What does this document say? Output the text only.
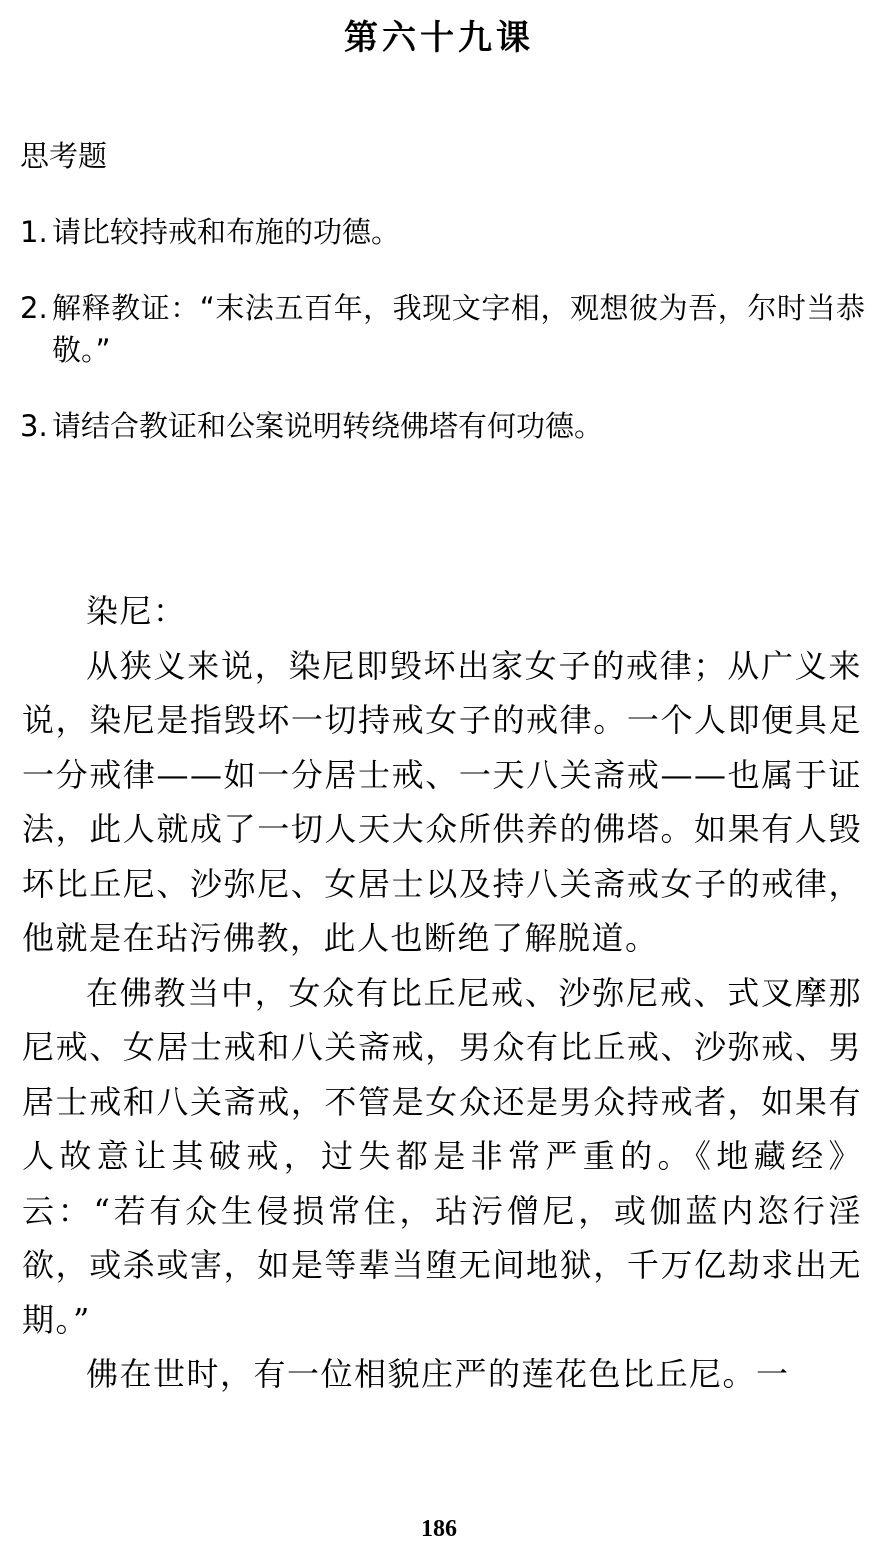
第六十九课
思考题
1. 请比较持戒和布施的功德。
2. 解释教证：“末法五百年，我现文字相，观想彼为吾，尔时当恭敬。”
3. 请结合教证和公案说明转绕佛塔有何功德。

染尼：

从狭义来说，染尼即毁坏出家女子的戒律；从广义来说，染尼是指毁坏一切持戒女子的戒律。一个人即便具足一分戒律——如一分居士戒、一天八关斋戒——也属于证法，此人就成了一切人天大众所供养的佛塔。如果有人毁坏比丘尼、沙弥尼、女居士以及持八关斋戒女子的戒律，他就是在玷污佛教，此人也断绝了解脱道。

在佛教当中，女众有比丘尼戒、沙弥尼戒、式叉摩那尼戒、女居士戒和八关斋戒，男众有比丘戒、沙弥戒、男居士戒和八关斋戒，不管是女众还是男众持戒者，如果有人故意让其破戒，过失都是非常严重的。《地藏经》云：“若有众生侵损常住，玷污僧尼，或伽蓝内恣行淫欲，或杀或害，如是等辈当堕无间地狱，千万亿劫求出无期。”

佛在世时，有一位相貌庄严的莲花色比丘尼。一

186
